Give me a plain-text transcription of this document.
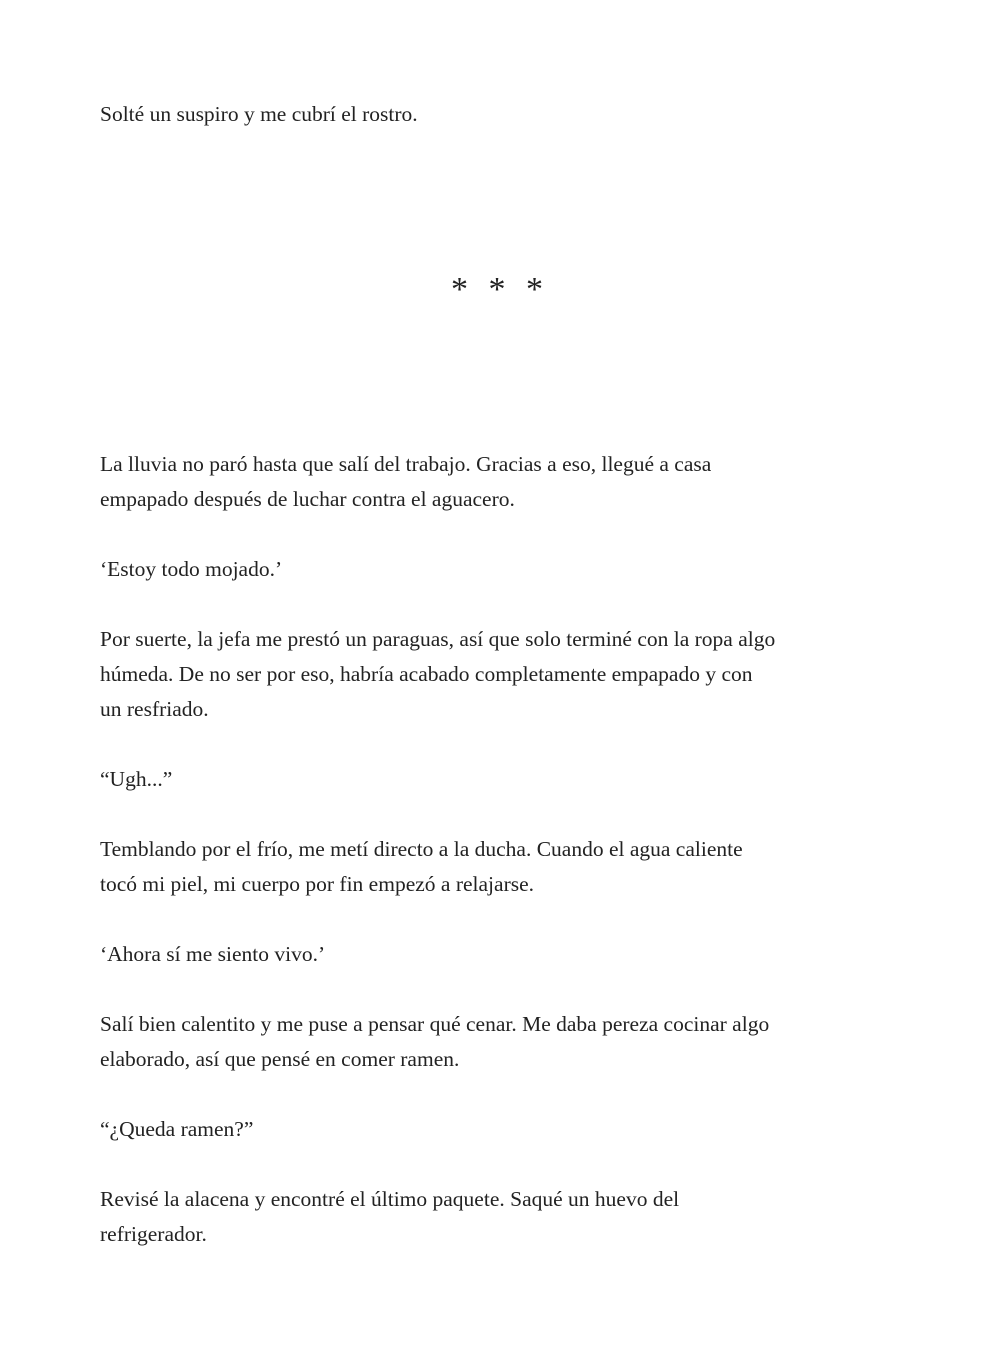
Solté un suspiro y me cubrí el rostro.
* * *
La lluvia no paró hasta que salí del trabajo. Gracias a eso, llegué a casa
empapado después de luchar contra el aguacero.
‘Estoy todo mojado.’
Por suerte, la jefa me prestó un paraguas, así que solo terminé con la ropa algo
húmeda. De no ser por eso, habría acabado completamente empapado y con
un resfriado.
“Ugh...”
Temblando por el frío, me metí directo a la ducha. Cuando el agua caliente
tocó mi piel, mi cuerpo por fin empezó a relajarse.
‘Ahora sí me siento vivo.’
Salí bien calentito y me puse a pensar qué cenar. Me daba pereza cocinar algo
elaborado, así que pensé en comer ramen.
“¿Queda ramen?”
Revisé la alacena y encontré el último paquete. Saqué un huevo del
refrigerador.
